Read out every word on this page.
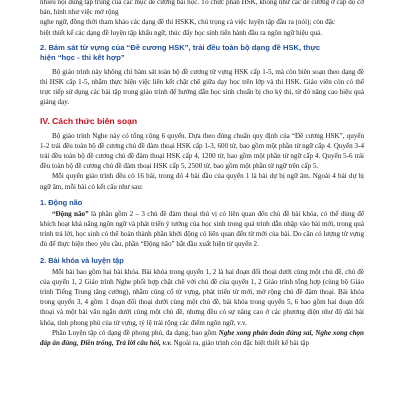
nhiều nội dung tập trung của các mục đề cương bài học. Tổ chức phần HSK, không như các đề cương ở cấp độ cơ bản, hình như việc mở rộng

nghe ngữ, đồng thời tham khảo các dạng đề thi HSKK, chú trọng cả việc luyện tập đầu ra (nói); còn đặc

biệt thiết kế các dạng đề luyện tập khẩu ngữ, thúc đẩy học sinh tiến hành đầu ra ngôn ngữ hiệu quả.

2. Bám sát từ vựng của “Đề cương HSK”, trải đều toàn bộ dạng đề HSK, thực
hiện “học - thi kết hợp”

Bộ giáo trình này không chỉ bám sát toàn bộ đề cương từ vựng HSK cấp 1-5, mà còn biên soạn theo dạng đề thi HSK cấp 1-5, nhằm thực hiện việc liên kết chặt chẽ giữa dạy học trên lớp và thi HSK. Giáo viên còn có thể trực tiếp sử dụng các bài tập trong giáo trình để hướng dẫn học sinh chuẩn bị cho kỳ thi, từ đó nâng cao hiệu quả giảng dạy.

IV. Cách thức biên soạn

Bộ giáo trình Nghe này có tổng cộng 6 quyển. Dựa theo đúng chuẩn quy định của “Đề cương HSK”, quyển 1-2 trải đều toàn bộ đề cương chủ đề đàm thoại HSK cấp 1-3, 600 từ, bao gồm một phần từ ngữ cấp 4. Quyển 3-4 trải đều toàn bộ đề cương chủ đề đàm thoại HSK cấp 4, 1200 từ, bao gồm một phần từ ngữ cấp 4. Quyển 5-6 trải đều toàn bộ đề cương chủ đề đàm thoại HSK cấp 5, 2500 từ, bao gồm một phần từ ngữ trên cấp 5.

Mỗi quyển giáo trình đều có 16 bài, trong đó 4 bài đầu của quyển 1 là bài dự bị ngữ âm. Ngoài 4 bài dự bị ngữ âm, mỗi bài có kết cấu như sau:

1. Động não

“Động não” là phần gồm 2 – 3 chủ đề đàm thoại thú vị có liên quan đến chủ đề bài khóa, có thể dùng để khích hoạt khả năng ngôn ngữ và phát triển ý tưởng của học sinh trong quá trình dẫn nhập vào bài mới, trong quá trình trả lời, học sinh có thể hoàn thành phần khởi động có liên quan đến từ mới của bài. Do cần có lượng từ vựng đủ để thực hiện theo yêu cầu, phần “Động não” bắt đầu xuất hiện từ quyển 2.

2. Bài khóa và luyện tập

Mỗi bài bao gồm hai bài khóa. Bài khóa trong quyển 1, 2 là hai đoạn đối thoại dưới cùng một chủ đề, chủ đề của quyển 1, 2 Giáo trình Nghe phối hợp chặt chẽ với chủ đề của quyển 1, 2 Giáo trình tổng hợp (cùng bộ Giáo trình Tiếng Trung tăng cường), nhằm củng cố từ vựng, phát triển từ mới, mở rộng chủ đề đàm thoại. Bài khóa trong quyển 3, 4 gồm 1 đoạn đối thoại dưới cùng một chủ đề, bài khóa trong quyển 5, 6 bao gồm hai đoạn đối thoại và một bài văn ngắn dưới cùng một chủ đề, nhưng đều có sự nâng cao ở các phương diện như độ dài bài khóa, tính phong phú của từ vựng, tỷ lệ trải rộng các điểm ngôn ngữ, v.v.

Phần Luyện tập có dạng đề phong phú, đa dạng, bao gồm Nghe xong phán đoán đúng sai, Nghe xong chọn đáp án đúng, Điền trống, Trả lời câu hỏi, v.v. Ngoài ra, giáo trình còn đặc biệt thiết kế bài tập
